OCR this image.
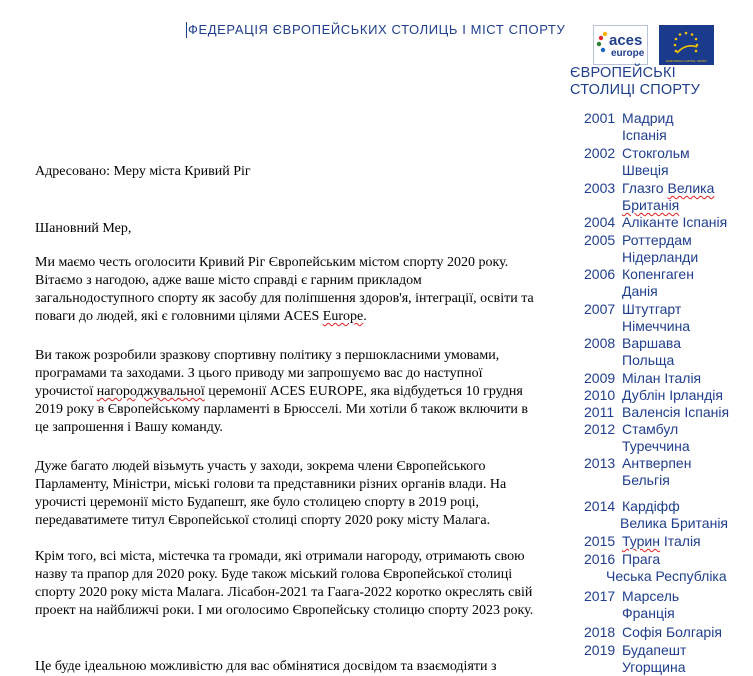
ФЕДЕРАЦІЯ ЄВРОПЕЙСЬКИХ СТОЛИЦЬ І МІСТ СПОРТУ
aces
europe
EUROPEAN CAPITAL SPORT
ЄВРОПЕЙСЬКІ
СТОЛИЦІ СПОРТУ
2001 Мадрид
Іспанія
2002 Стокгольм
Швеція
2003 Глазго Велика
Британія
2004 Аліканте Іспанія
2005 Роттердам
Нідерланди
2006 Копенгаген
Данія
2007 Штутгарт
Німеччина
2008 Варшава
Польща
2009 Мілан Італія
2010 Дублін Ірландія
2011 Валенсія Іспанія
2012 Стамбул
Туреччина
2013 Антверпен
Бельгія
2014 Кардіфф
Велика Британія
2015 Турин Італія
2016 Прага
Чеська Республіка
2017 Марсель
Франція
2018 Софія Болгарія
2019 Будапешт
Угорщина
Адресовано: Меру міста Кривий Ріг
Шановний Мер,

Ми маємо честь оголосити Кривий Ріг Європейським містом спорту 2020 року. Вітаємо з нагодою, адже ваше місто справді є гарним прикладом загальнодоступного спорту як засобу для поліпшення здоров'я, інтеграції, освіти та поваги до людей, які є головними цілями ACES Europe.

Ви також розробили зразкову спортивну політику з першокласними умовами, програмами та заходами. З цього приводу ми запрошуємо вас до наступної урочистої нагороджувальної церемонії ACES EUROPE, яка відбудеться 10 грудня 2019 року в Європейському парламенті в Брюсселі. Ми хотіли б також включити в це запрошення і Вашу команду.

Дуже багато людей візьмуть участь у заходи, зокрема члени Європейського Парламенту, Міністри, міські голови та представники різних органів влади. На урочисті церемонії місто Будапешт, яке було столицею спорту в 2019 році, передаватимете титул Європейської столиці спорту 2020 року місту Малага.
Крім того, всі міста, містечка та громади, які отримали нагороду, отримають свою назву та прапор для 2020 року. Буде також міський голова Європейської столиці спорту 2020 року міста Малага. Лісабон-2021 та Гаага-2022 коротко окреслять свій проект на найближчі роки. І ми оголосимо Європейську столицю спорту 2023 року.
Це буде ідеальною можливістю для вас обмінятися досвідом та взаємодіяти з
